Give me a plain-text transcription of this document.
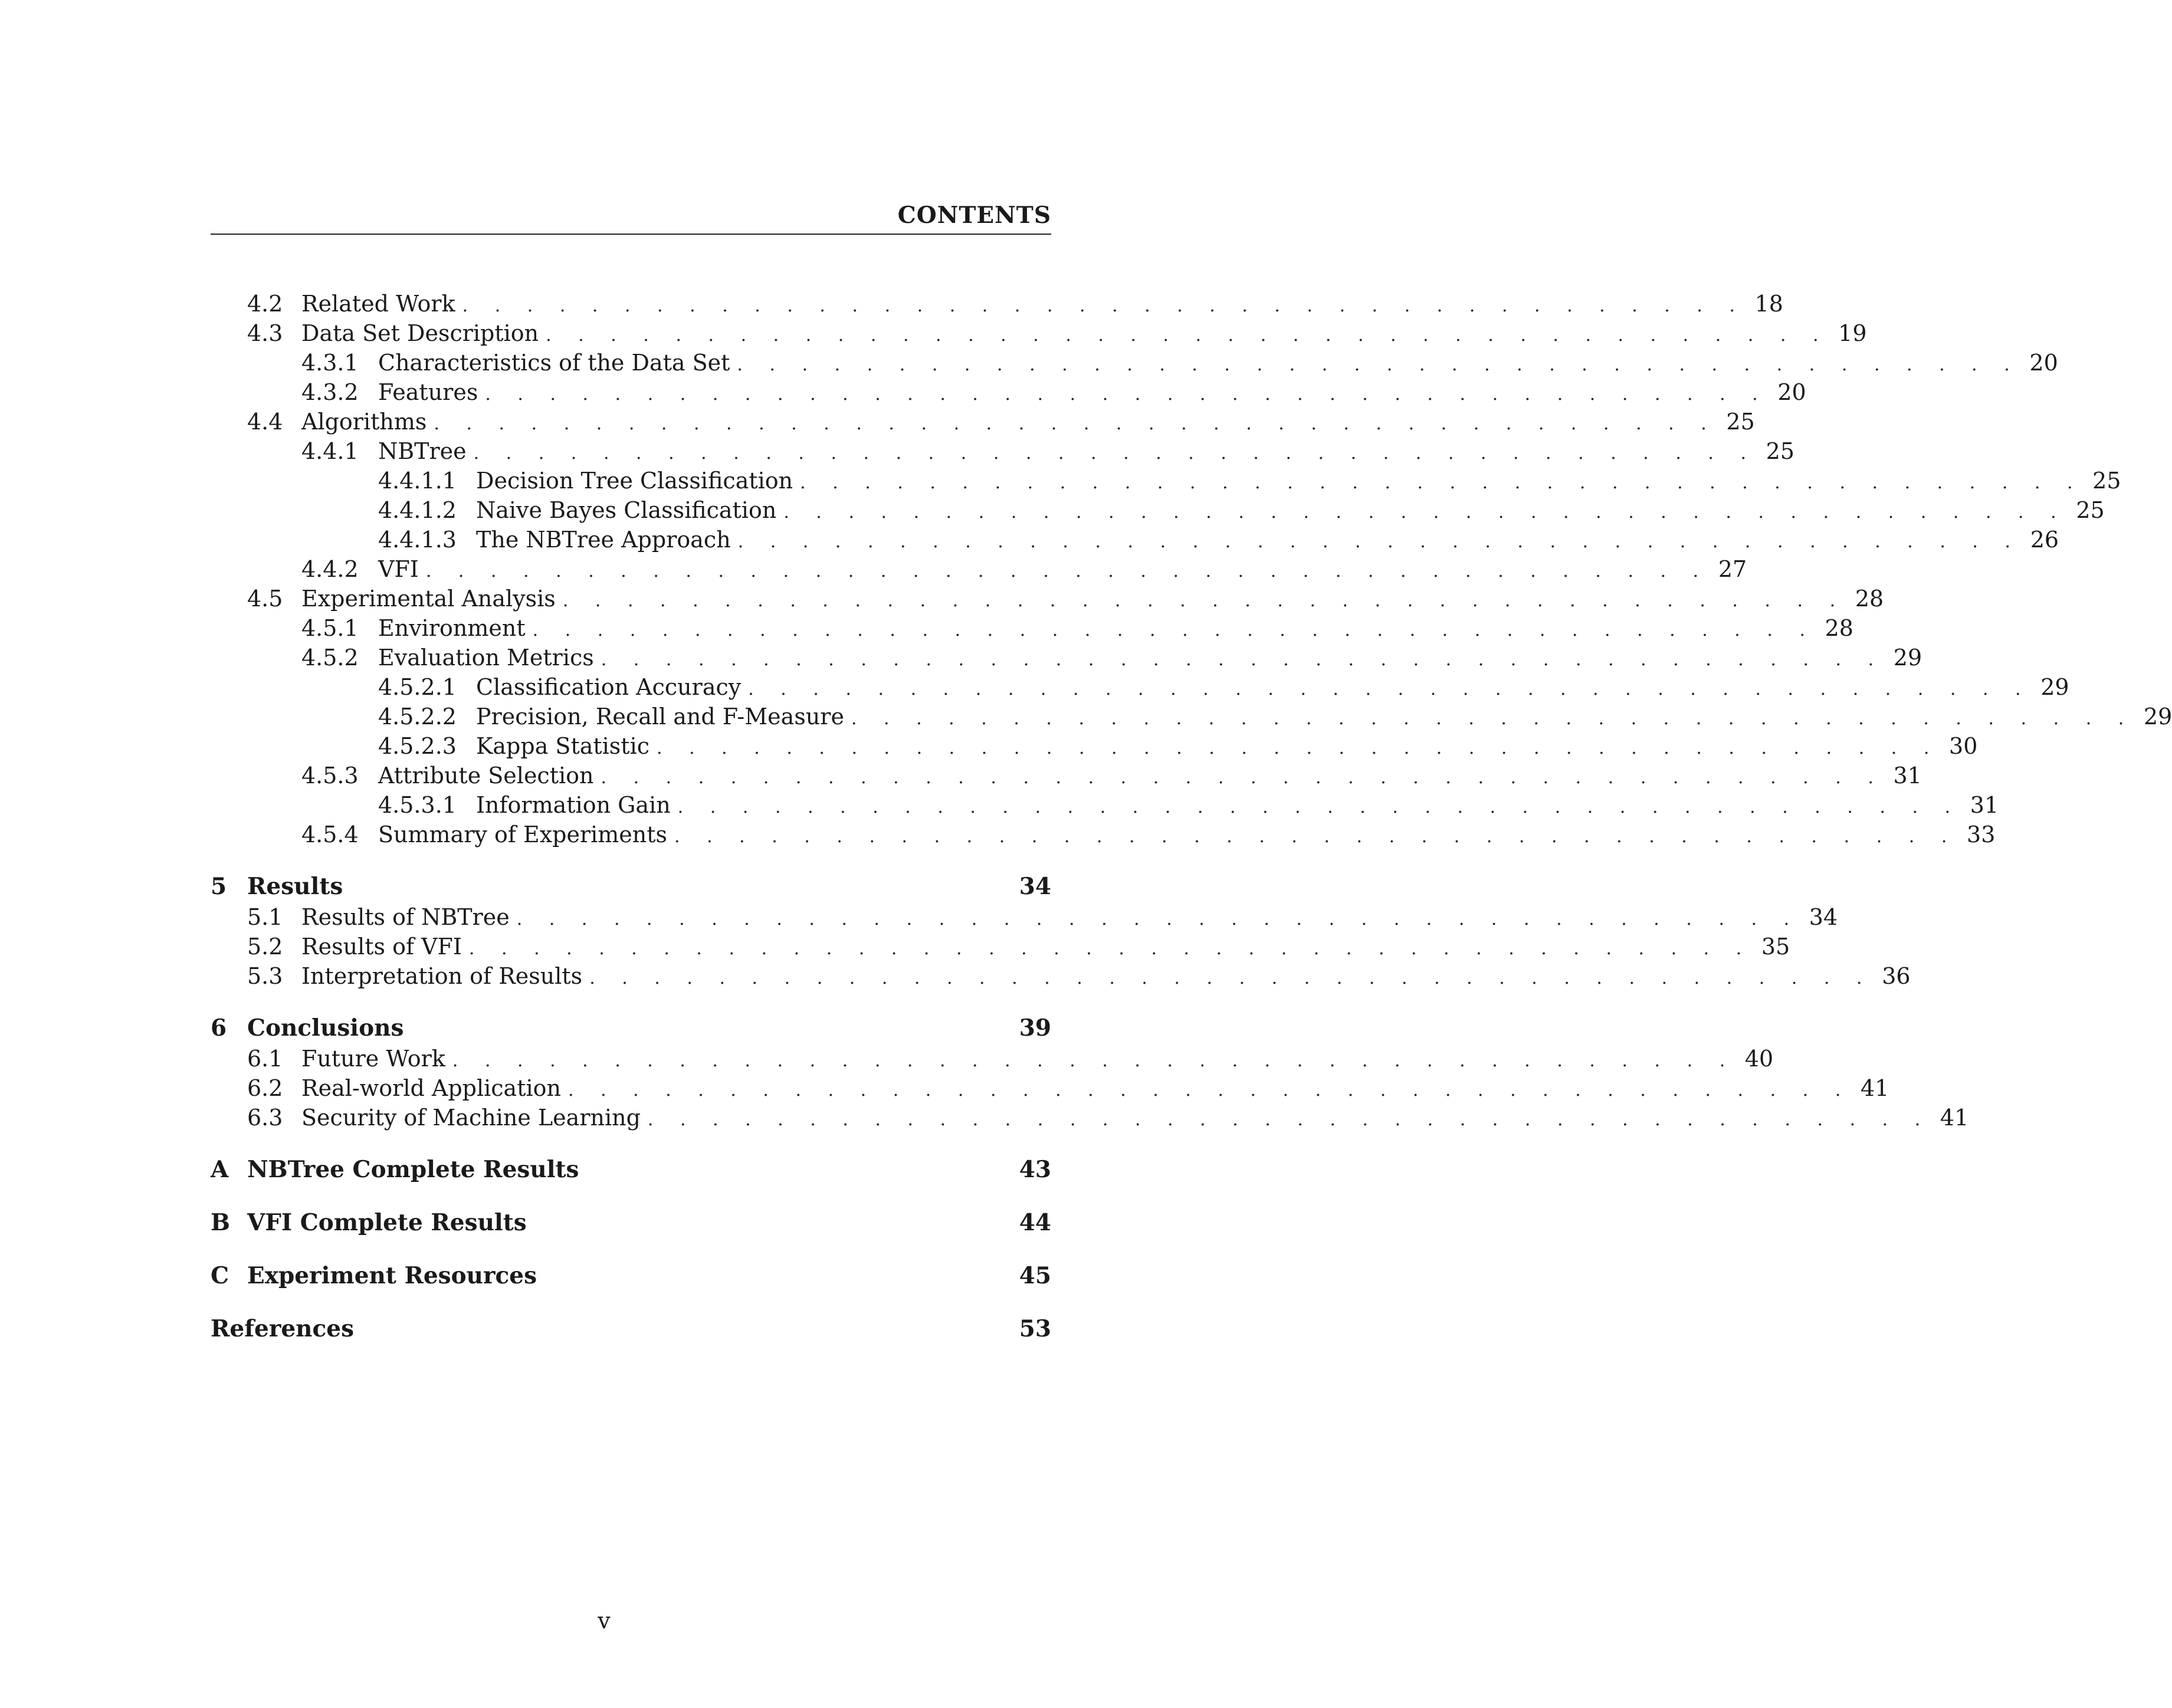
CONTENTS
4.2 Related Work . . . . . . . . . . . . . . . . . . . . . . . . . . . . . . . . . . . . . . . . 18
4.3 Data Set Description . . . . . . . . . . . . . . . . . . . . . . . . . . . . . . . . . . . . . . . . 19
4.3.1 Characteristics of the Data Set . . . . . . . . . . . . . . . . . . . . . . . . . . . . . . . . . . . . . . . . 20
4.3.2 Features . . . . . . . . . . . . . . . . . . . . . . . . . . . . . . . . . . . . . . . . 20
4.4 Algorithms . . . . . . . . . . . . . . . . . . . . . . . . . . . . . . . . . . . . . . . . 25
4.4.1 NBTree . . . . . . . . . . . . . . . . . . . . . . . . . . . . . . . . . . . . . . . . 25
4.4.1.1 Decision Tree Classification . . . . . . . . . . . . . . . . . . . . . . . . . . . . . . . . . . . . . . . . 25
4.4.1.2 Naive Bayes Classification . . . . . . . . . . . . . . . . . . . . . . . . . . . . . . . . . . . . . . . . 25
4.4.1.3 The NBTree Approach . . . . . . . . . . . . . . . . . . . . . . . . . . . . . . . . . . . . . . . . 26
4.4.2 VFI . . . . . . . . . . . . . . . . . . . . . . . . . . . . . . . . . . . . . . . . 27
4.5 Experimental Analysis . . . . . . . . . . . . . . . . . . . . . . . . . . . . . . . . . . . . . . . . 28
4.5.1 Environment . . . . . . . . . . . . . . . . . . . . . . . . . . . . . . . . . . . . . . . . 28
4.5.2 Evaluation Metrics . . . . . . . . . . . . . . . . . . . . . . . . . . . . . . . . . . . . . . . . 29
4.5.2.1 Classification Accuracy . . . . . . . . . . . . . . . . . . . . . . . . . . . . . . . . . . . . . . . . 29
4.5.2.2 Precision, Recall and F-Measure . . . . . . . . . . . . . . . . . . . . . . . . . . . . . . . . . . . . . . . . 29
4.5.2.3 Kappa Statistic . . . . . . . . . . . . . . . . . . . . . . . . . . . . . . . . . . . . . . . . 30
4.5.3 Attribute Selection . . . . . . . . . . . . . . . . . . . . . . . . . . . . . . . . . . . . . . . . 31
4.5.3.1 Information Gain . . . . . . . . . . . . . . . . . . . . . . . . . . . . . . . . . . . . . . . . 31
4.5.4 Summary of Experiments . . . . . . . . . . . . . . . . . . . . . . . . . . . . . . . . . . . . . . . . 33
5 Results	34
5.1 Results of NBTree . . . . . . . . . . . . . . . . . . . . . . . . . . . . . . . . . . . . . . . . 34
5.2 Results of VFI . . . . . . . . . . . . . . . . . . . . . . . . . . . . . . . . . . . . . . . . 35
5.3 Interpretation of Results . . . . . . . . . . . . . . . . . . . . . . . . . . . . . . . . . . . . . . . . 36
6 Conclusions	39
6.1 Future Work . . . . . . . . . . . . . . . . . . . . . . . . . . . . . . . . . . . . . . . . 40
6.2 Real-world Application . . . . . . . . . . . . . . . . . . . . . . . . . . . . . . . . . . . . . . . . 41
6.3 Security of Machine Learning . . . . . . . . . . . . . . . . . . . . . . . . . . . . . . . . . . . . . . . . 41
A NBTree Complete Results	43
B VFI Complete Results	44
C Experiment Resources	45
References	53
v
